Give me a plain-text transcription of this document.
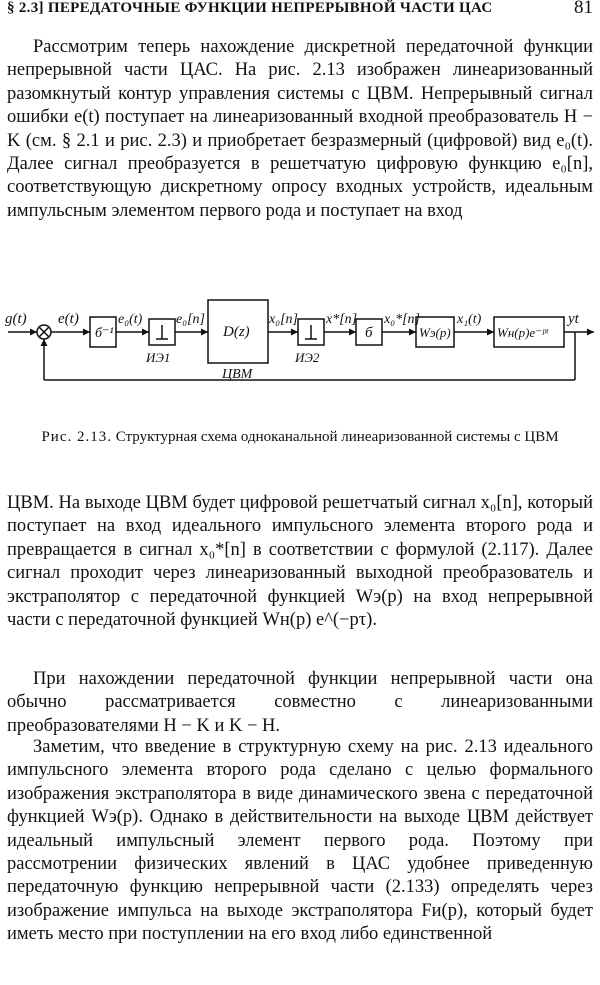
§ 2.3] ПЕРЕДАТОЧНЫЕ ФУНКЦИИ НЕПРЕРЫВНОЙ ЧАСТИ ЦАС	81

Рассмотрим теперь нахождение дискретной передаточной функции непрерывной части ЦАС. На рис. 2.13 изображен линеаризованный разомкнутый контур управления системы с ЦВМ. Непрерывный сигнал ошибки e(t) поступает на линеаризованный входной преобразователь H − K (см. § 2.1 и рис. 2.3) и приобретает безразмерный (цифровой) вид e₀(t). Далее сигнал преобразуется в решетчатую цифровую функцию e₀[n], соответствующую дискретному опросу входных устройств, идеальным импульсным элементом первого рода и поступает на вход

g(t) e(t)	e₀(t) e₀[n]	x₀[n] x*[n] x₀*[n]	x₁(t)	yt
б⁻¹
ИЭ1
D(z)
ЦВМ
ИЭ2
б	Wэ(p)	Wн(p)e⁻ᵖᵗ

Рис. 2.13. Структурная схема одноканальной линеаризованной системы с ЦВМ

ЦВМ. На выходе ЦВМ будет цифровой решетчатый сигнал x₀[n], который поступает на вход идеального импульсного элемента второго рода и превращается в сигнал x₀*[n] в соответствии с формулой (2.117). Далее сигнал проходит через линеаризованный выходной преобразователь и экстраполятор с передаточной функцией Wэ(p) на вход непрерывной части с передаточной функцией Wн(p) e^(−pτ).

При нахождении передаточной функции непрерывной части она обычно рассматривается совместно с линеаризованными преобразователями H − K и K − H.

Заметим, что введение в структурную схему на рис. 2.13 идеального импульсного элемента второго рода сделано с целью формального изображения экстраполятора в виде динамического звена с передаточной функцией Wэ(p). Однако в действительности на выходе ЦВМ действует идеальный импульсный элемент первого рода. Поэтому при рассмотрении физических явлений в ЦАС удобнее приведенную передаточную функцию непрерывной части (2.133) определять через изображение импульса на выходе экстраполятора Fи(p), который будет иметь место при поступлении на его вход либо единственной
